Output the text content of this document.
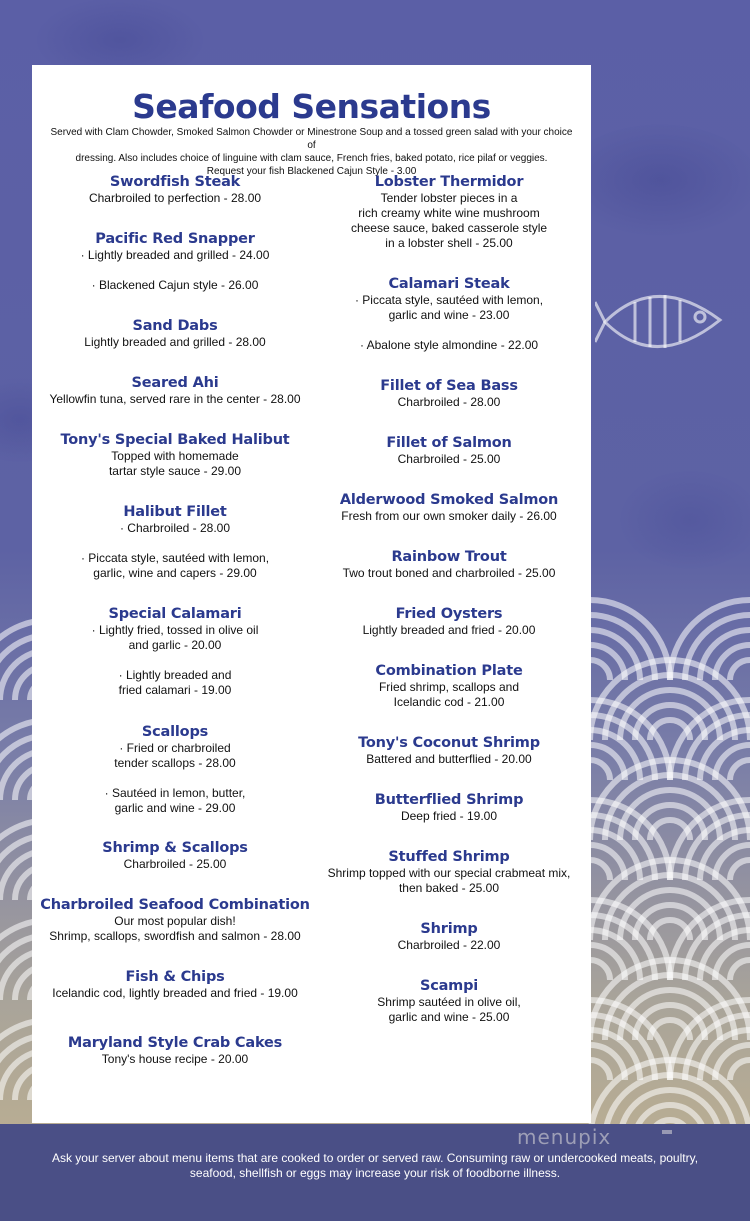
Seafood Sensations
Served with Clam Chowder, Smoked Salmon Chowder or Minestrone Soup and a tossed green salad with your choice of
dressing. Also includes choice of linguine with clam sauce, French fries, baked potato, rice pilaf or veggies.
Request your fish Blackened Cajun Style - 3.00
Swordfish Steak
Charbroiled to perfection - 28.00
Pacific Red Snapper
· Lightly breaded and grilled - 24.00
· Blackened Cajun style - 26.00
Sand Dabs
Lightly breaded and grilled - 28.00
Seared Ahi
Yellowfin tuna, served rare in the center - 28.00
Tony's Special Baked Halibut
Topped with homemade
tartar style sauce - 29.00
Halibut Fillet
· Charbroiled - 28.00
· Piccata style, sautéed with lemon,
garlic, wine and capers - 29.00
Special Calamari
· Lightly fried, tossed in olive oil
and garlic - 20.00
· Lightly breaded and
fried calamari - 19.00
Scallops
· Fried or charbroiled
tender scallops - 28.00
· Sautéed in lemon, butter,
garlic and wine - 29.00
Shrimp & Scallops
Charbroiled - 25.00
Charbroiled Seafood Combination
Our most popular dish!
Shrimp, scallops, swordfish and salmon - 28.00
Fish & Chips
Icelandic cod, lightly breaded and fried - 19.00
Maryland Style Crab Cakes
Tony's house recipe - 20.00
Lobster Thermidor
Tender lobster pieces in a
rich creamy white wine mushroom
cheese sauce, baked casserole style
in a lobster shell - 25.00
Calamari Steak
· Piccata style, sautéed with lemon,
garlic and wine - 23.00
· Abalone style almondine - 22.00
Fillet of Sea Bass
Charbroiled - 28.00
Fillet of Salmon
Charbroiled - 25.00
Alderwood Smoked Salmon
Fresh from our own smoker daily - 26.00
Rainbow Trout
Two trout boned and charbroiled - 25.00
Fried Oysters
Lightly breaded and fried - 20.00
Combination Plate
Fried shrimp, scallops and
Icelandic cod - 21.00
Tony's Coconut Shrimp
Battered and butterflied - 20.00
Butterflied Shrimp
Deep fried - 19.00
Stuffed Shrimp
Shrimp topped with our special crabmeat mix,
then baked - 25.00
Shrimp
Charbroiled - 22.00
Scampi
Shrimp sautéed in olive oil,
garlic and wine - 25.00

Ask your server about menu items that are cooked to order or served raw. Consuming raw or undercooked meats, poultry, seafood, shellfish or eggs may increase your risk of foodborne illness.

menupix
